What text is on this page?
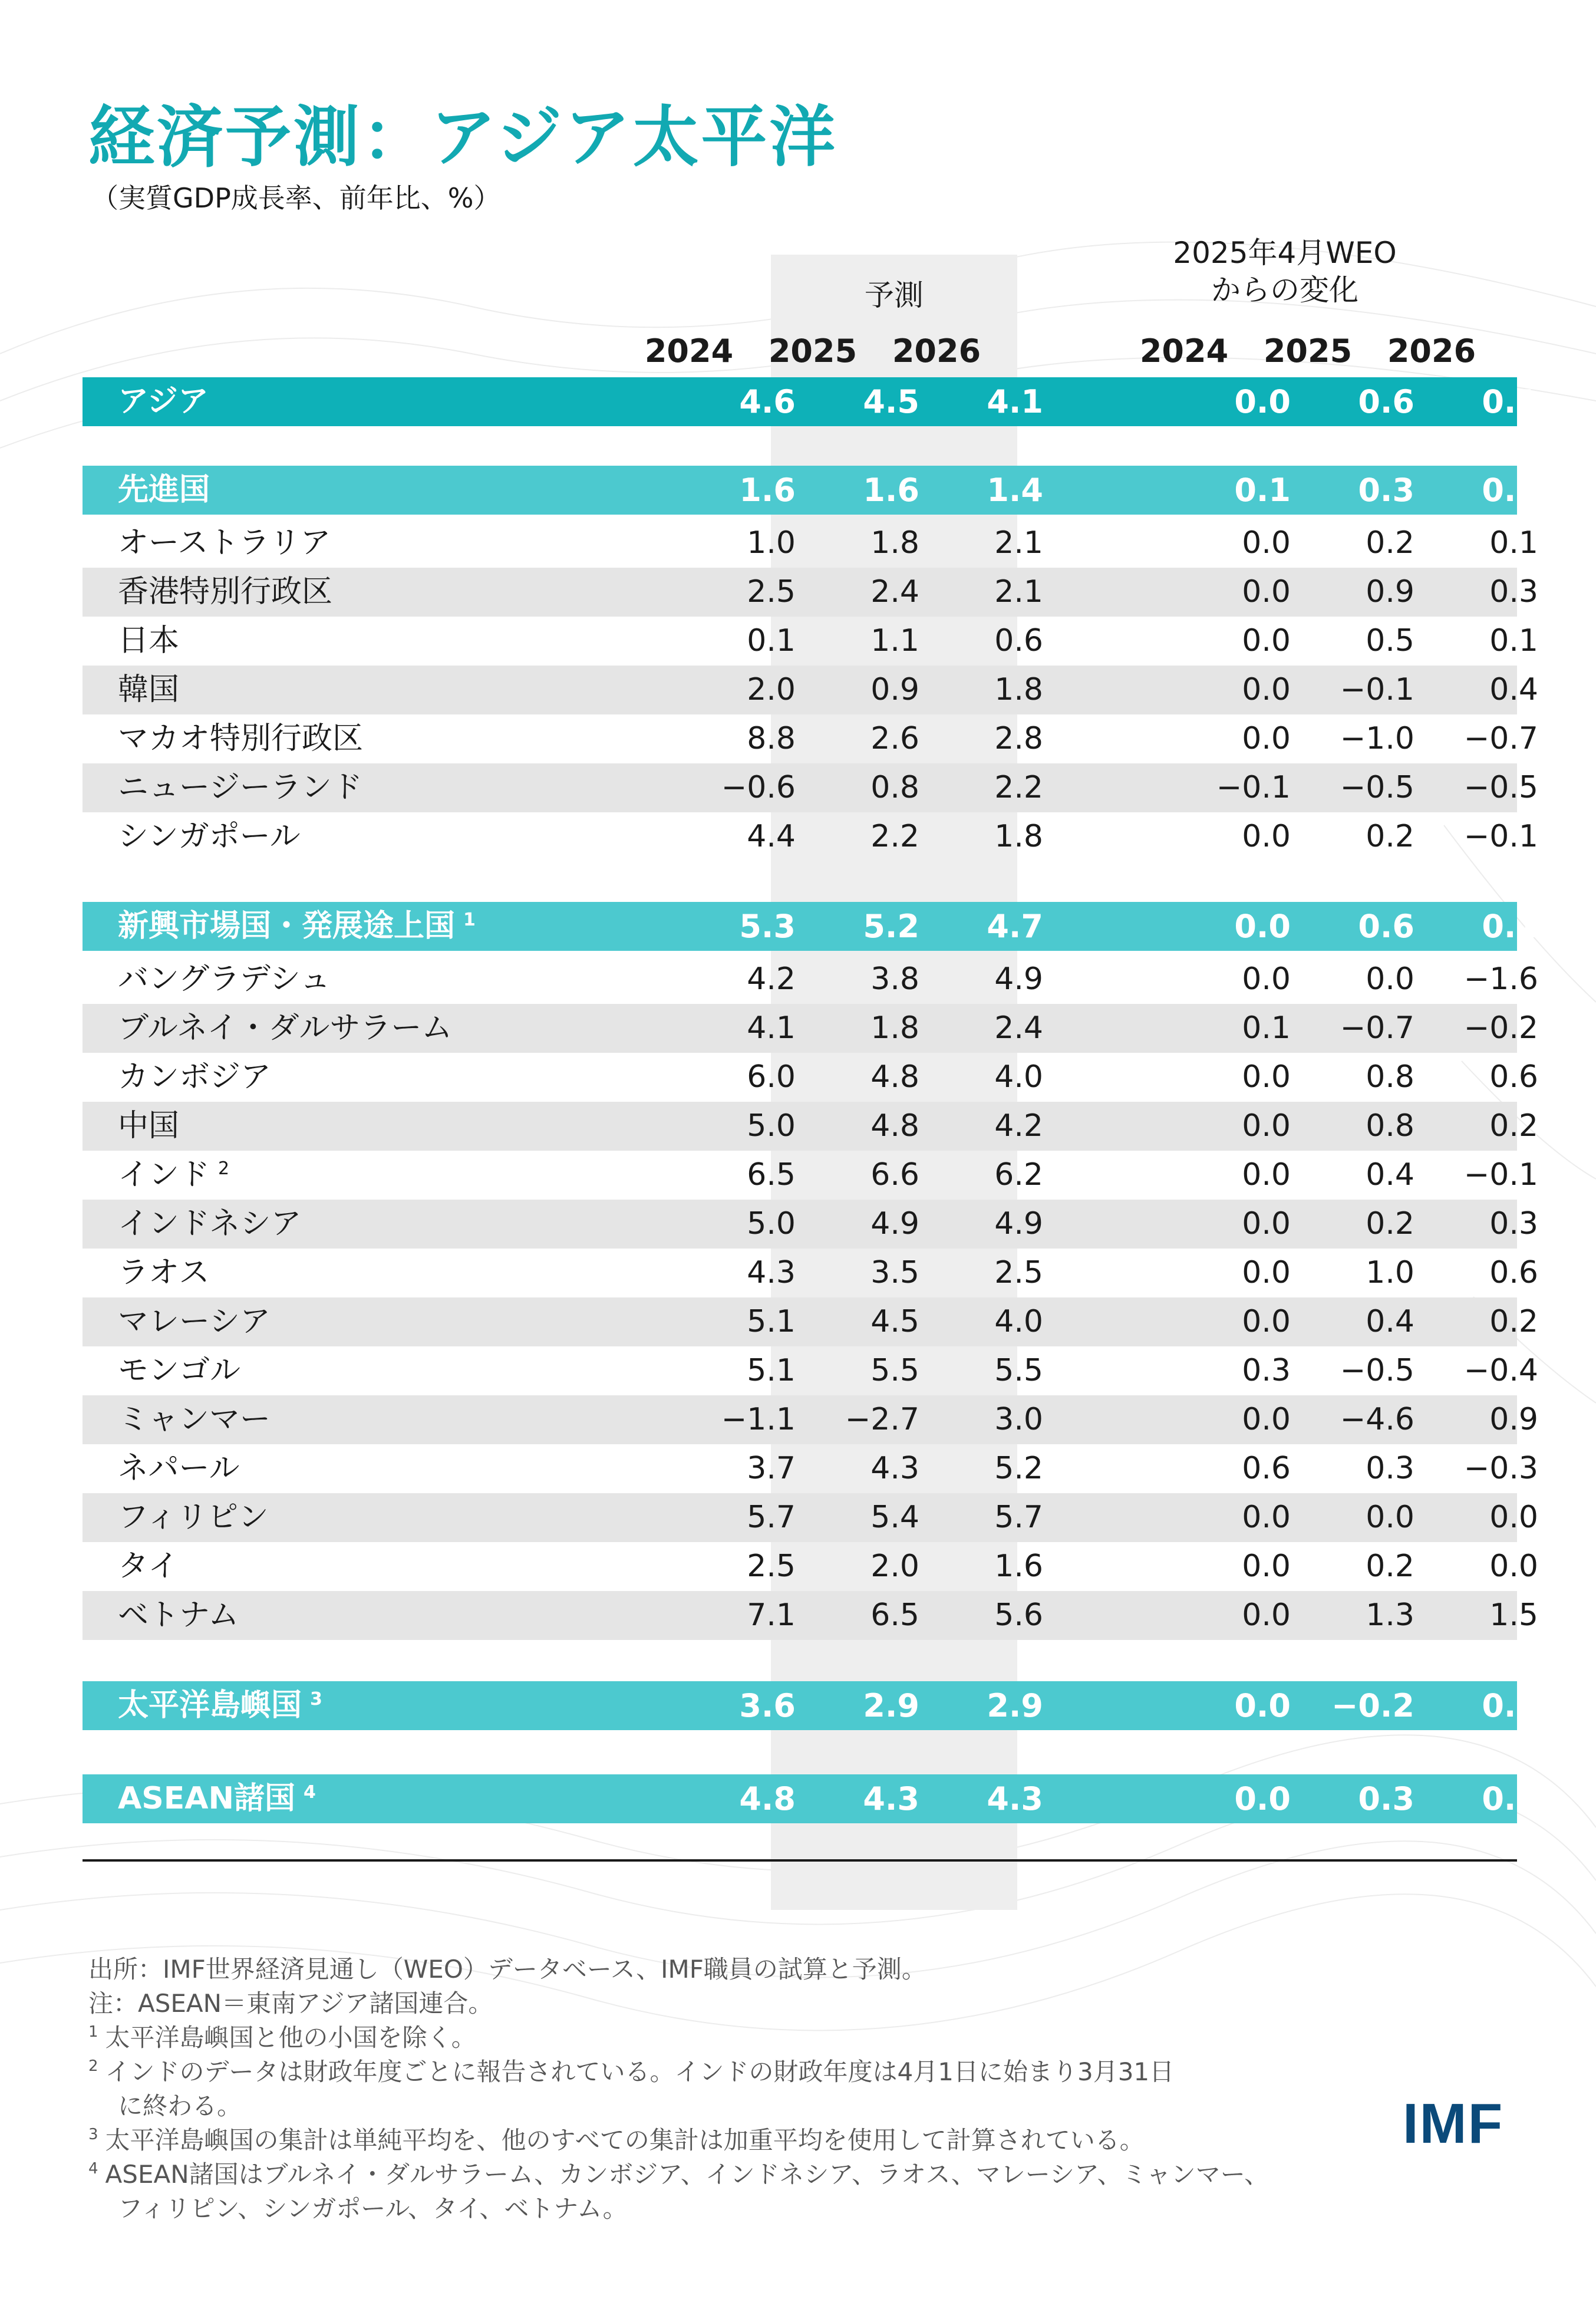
経済予測：アジア太平洋
（実質GDP成長率、前年比、%）
予測
2025年4月WEO
からの変化
2024	2025	2026	2024	2025	2026
アジア	4.6	4.5	4.1	0.0	0.6	0.1
先進国	1.6	1.6	1.4	0.1	0.3	0.1
オーストラリア	1.0	1.8	2.1	0.0	0.2	0.1
香港特別行政区	2.5	2.4	2.1	0.0	0.9	0.3
日本	0.1	1.1	0.6	0.0	0.5	0.1
韓国	2.0	0.9	1.8	0.0	−0.1	0.4
マカオ特別行政区	8.8	2.6	2.8	0.0	−1.0	−0.7
ニュージーランド	−0.6	0.8	2.2	−0.1	−0.5	−0.5
シンガポール	4.4	2.2	1.8	0.0	0.2	−0.1
新興市場国・発展途上国 $^1$	5.3	5.2	4.7	0.0	0.6	0.1
バングラデシュ	4.2	3.8	4.9	0.0	0.0	−1.6
ブルネイ・ダルサラーム	4.1	1.8	2.4	0.1	−0.7	−0.2
カンボジア	6.0	4.8	4.0	0.0	0.8	0.6
中国	5.0	4.8	4.2	0.0	0.8	0.2
インド $^2$	6.5	6.6	6.2	0.0	0.4	−0.1
インドネシア	5.0	4.9	4.9	0.0	0.2	0.3
ラオス	4.3	3.5	2.5	0.0	1.0	0.6
マレーシア	5.1	4.5	4.0	0.0	0.4	0.2
モンゴル	5.1	5.5	5.5	0.3	−0.5	−0.4
ミャンマー	−1.1	−2.7	3.0	0.0	−4.6	0.9
ネパール	3.7	4.3	5.2	0.6	0.3	−0.3
フィリピン	5.7	5.4	5.7	0.0	0.0	0.0
タイ	2.5	2.0	1.6	0.0	0.2	0.0
ベトナム	7.1	6.5	5.6	0.0	1.3	1.5
太平洋島嶼国 $^3$	3.6	2.9	2.9	0.0	−0.2	0.2
ASEAN諸国 $^4$	4.8	4.3	4.3	0.0	0.3	0.4
出所：IMF世界経済見通し（WEO）データベース、IMF職員の試算と予測。
注：ASEAN＝東南アジア諸国連合。
$^1$ 太平洋島嶼国と他の小国を除く。
$^2$ インドのデータは財政年度ごとに報告されている。インドの財政年度は4月1日に始まり3月31日
に終わる。
$^3$ 太平洋島嶼国の集計は単純平均を、他のすべての集計は加重平均を使用して計算されている。
$^4$ ASEAN諸国はブルネイ・ダルサラーム、カンボジア、インドネシア、ラオス、マレーシア、ミャンマー、
フィリピン、シンガポール、タイ、ベトナム。
IMF
